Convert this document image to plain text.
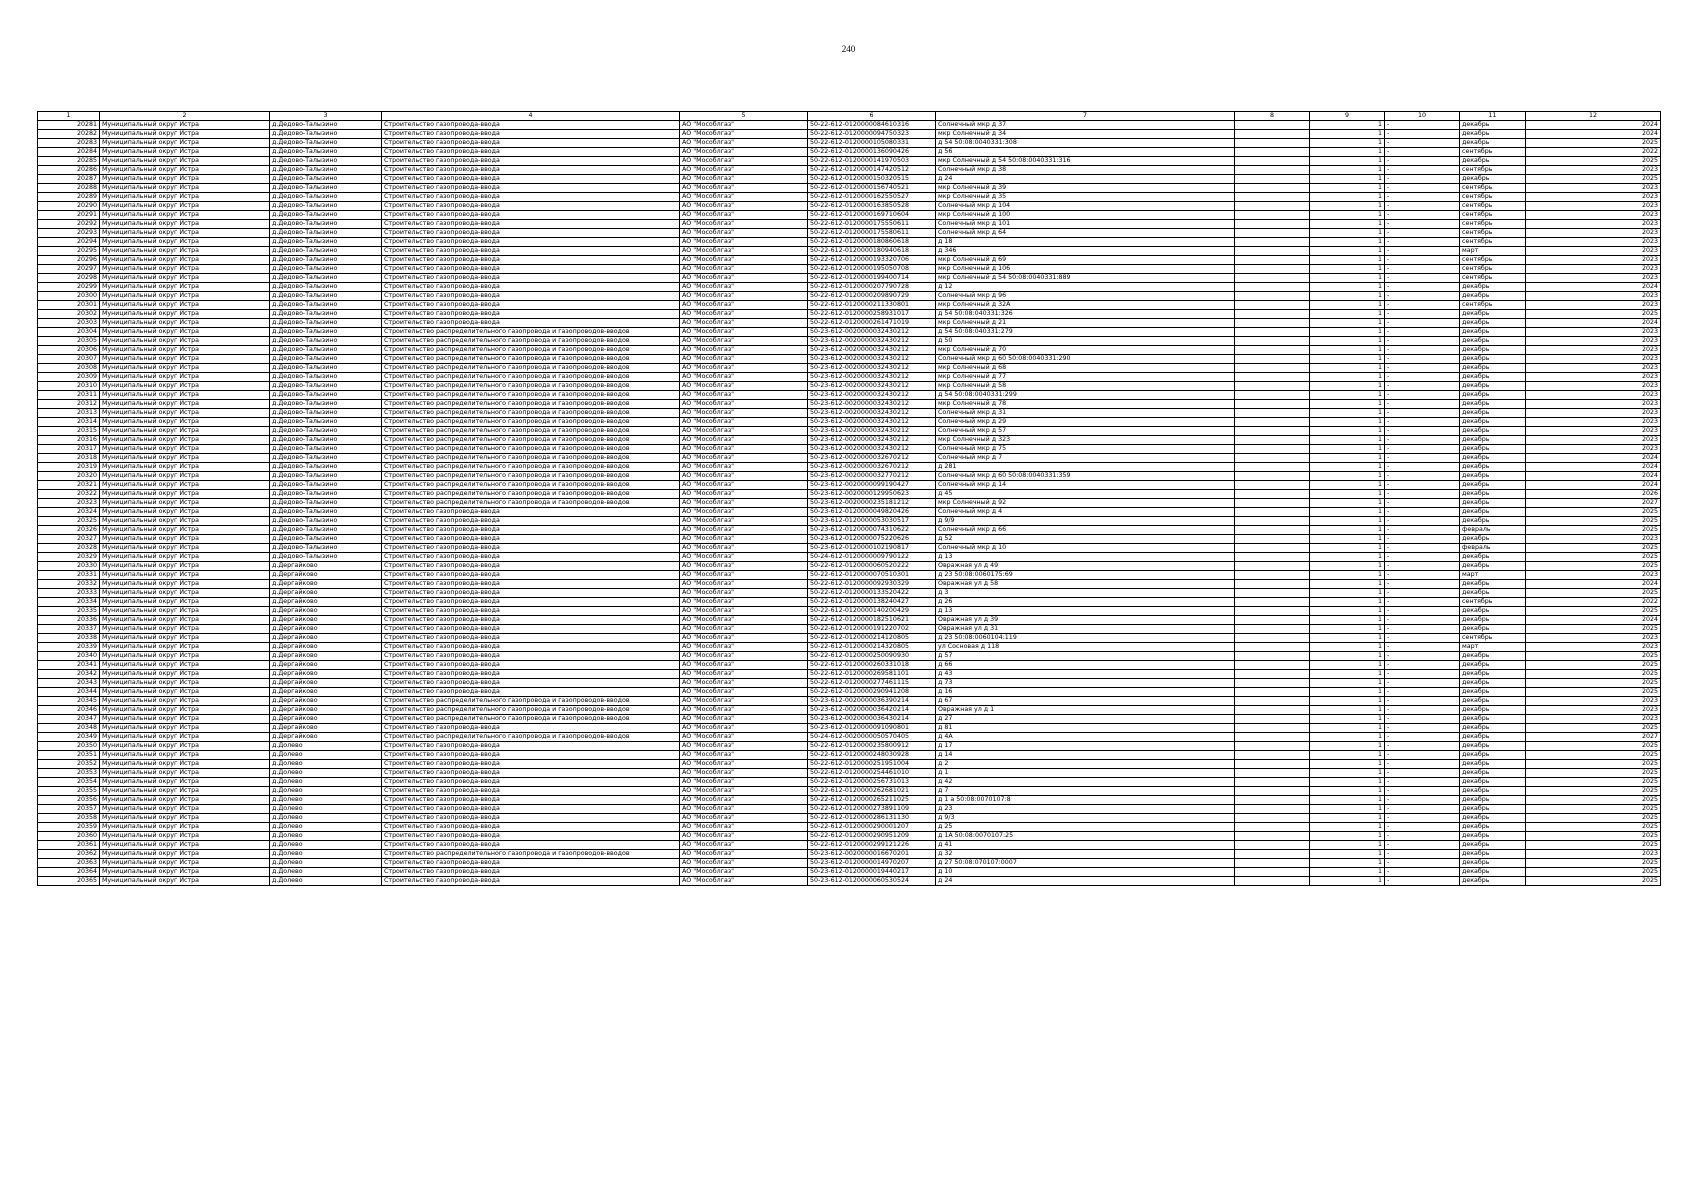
240
1	2	3	4	5	6	7	8	9	10	11	12
20281	Муниципальный округ Истра	д.Дедово-Талызино	Строительство газопровода-ввода	АО "Мособлгаз"	50-22-612-0120000084610316	Солнечный мкр д 37		1	-	декабрь	2024
20282	Муниципальный округ Истра	д.Дедово-Талызино	Строительство газопровода-ввода	АО "Мособлгаз"	50-22-612-0120000094750323	мкр Солнечный д 34		1	-	декабрь	2024
20283	Муниципальный округ Истра	д.Дедово-Талызино	Строительство газопровода-ввода	АО "Мособлгаз"	50-22-612-0120000105080331	д 54 50:08:0040331:308		1	-	декабрь	2025
20284	Муниципальный округ Истра	д.Дедово-Талызино	Строительство газопровода-ввода	АО "Мособлгаз"	50-22-612-0120000136090426	д 56		1	-	сентябрь	2022
20285	Муниципальный округ Истра	д.Дедово-Талызино	Строительство газопровода-ввода	АО "Мособлгаз"	50-22-612-0120000141970503	мкр Солнечный д 54 50:08:0040331:316		1	-	декабрь	2025
20286	Муниципальный округ Истра	д.Дедово-Талызино	Строительство газопровода-ввода	АО "Мособлгаз"	50-22-612-0120000147420512	Солнечный мкр д 38		1	-	сентябрь	2023
20287	Муниципальный округ Истра	д.Дедово-Талызино	Строительство газопровода-ввода	АО "Мособлгаз"	50-22-612-0120000150320515	д 24		1	-	декабрь	2025
20288	Муниципальный округ Истра	д.Дедово-Талызино	Строительство газопровода-ввода	АО "Мособлгаз"	50-22-612-0120000156740521	мкр Солнечный д 39		1	-	сентябрь	2023
20289	Муниципальный округ Истра	д.Дедово-Талызино	Строительство газопровода-ввода	АО "Мособлгаз"	50-22-612-0120000162550527	мкр Солнечный д 35		1	-	сентябрь	2023
20290	Муниципальный округ Истра	д.Дедово-Талызино	Строительство газопровода-ввода	АО "Мособлгаз"	50-22-612-0120000163850528	Солнечный мкр д 104		1	-	сентябрь	2023
20291	Муниципальный округ Истра	д.Дедово-Талызино	Строительство газопровода-ввода	АО "Мособлгаз"	50-22-612-0120000169710604	мкр Солнечный д 100		1	-	сентябрь	2023
20292	Муниципальный округ Истра	д.Дедово-Талызино	Строительство газопровода-ввода	АО "Мособлгаз"	50-22-612-0120000175550611	Солнечный мкр д 101		1	-	сентябрь	2023
20293	Муниципальный округ Истра	д.Дедово-Талызино	Строительство газопровода-ввода	АО "Мособлгаз"	50-22-612-0120000175580611	Солнечный мкр д 64		1	-	сентябрь	2023
20294	Муниципальный округ Истра	д.Дедово-Талызино	Строительство газопровода-ввода	АО "Мособлгаз"	50-22-612-0120000180860618	д 18		1	-	сентябрь	2023
20295	Муниципальный округ Истра	д.Дедово-Талызино	Строительство газопровода-ввода	АО "Мособлгаз"	50-22-612-0120000180940618	д 346		1	-	март	2023
20296	Муниципальный округ Истра	д.Дедово-Талызино	Строительство газопровода-ввода	АО "Мособлгаз"	50-22-612-0120000193320706	мкр Солнечный д 69		1	-	сентябрь	2023
20297	Муниципальный округ Истра	д.Дедово-Талызино	Строительство газопровода-ввода	АО "Мособлгаз"	50-22-612-0120000195050708	мкр Солнечный д 106		1	-	сентябрь	2023
20298	Муниципальный округ Истра	д.Дедово-Талызино	Строительство газопровода-ввода	АО "Мособлгаз"	50-22-612-0120000199400714	мкр Солнечный д 54 50:08:0040331:889		1	-	сентябрь	2023
20299	Муниципальный округ Истра	д.Дедово-Талызино	Строительство газопровода-ввода	АО "Мособлгаз"	50-22-612-0120000207790728	д 12		1	-	декабрь	2024
20300	Муниципальный округ Истра	д.Дедово-Талызино	Строительство газопровода-ввода	АО "Мособлгаз"	50-22-612-0120000209890729	Солнечный мкр д 96		1	-	декабрь	2023
20301	Муниципальный округ Истра	д.Дедово-Талызино	Строительство газопровода-ввода	АО "Мособлгаз"	50-22-612-0120000211330801	мкр Солнечный д 32А		1	-	сентябрь	2023
20302	Муниципальный округ Истра	д.Дедово-Талызино	Строительство газопровода-ввода	АО "Мособлгаз"	50-22-612-0120000258931017	д 54 50:08:040331:326		1	-	декабрь	2025
20303	Муниципальный округ Истра	д.Дедово-Талызино	Строительство газопровода-ввода	АО "Мособлгаз"	50-22-612-0120000261471019	мкр Солнечный д 21		1	-	декабрь	2024
20304	Муниципальный округ Истра	д.Дедово-Талызино	Строительство распределительного газопровода и газопроводов-вводов	АО "Мособлгаз"	50-23-612-0020000032430212	д 54 50:08:040331:279		1	-	декабрь	2023
20305	Муниципальный округ Истра	д.Дедово-Талызино	Строительство распределительного газопровода и газопроводов-вводов	АО "Мособлгаз"	50-23-612-0020000032430212	д 50		1	-	декабрь	2023
20306	Муниципальный округ Истра	д.Дедово-Талызино	Строительство распределительного газопровода и газопроводов-вводов	АО "Мособлгаз"	50-23-612-0020000032430212	мкр Солнечный д 70		1	-	декабрь	2023
20307	Муниципальный округ Истра	д.Дедово-Талызино	Строительство распределительного газопровода и газопроводов-вводов	АО "Мособлгаз"	50-23-612-0020000032430212	Солнечный мкр д 60 50:08:0040331:290		1	-	декабрь	2023
20308	Муниципальный округ Истра	д.Дедово-Талызино	Строительство распределительного газопровода и газопроводов-вводов	АО "Мособлгаз"	50-23-612-0020000032430212	мкр Солнечный д 68		1	-	декабрь	2023
20309	Муниципальный округ Истра	д.Дедово-Талызино	Строительство распределительного газопровода и газопроводов-вводов	АО "Мособлгаз"	50-23-612-0020000032430212	мкр Солнечный д 77		1	-	декабрь	2023
20310	Муниципальный округ Истра	д.Дедово-Талызино	Строительство распределительного газопровода и газопроводов-вводов	АО "Мособлгаз"	50-23-612-0020000032430212	мкр Солнечный д 58		1	-	декабрь	2023
20311	Муниципальный округ Истра	д.Дедово-Талызино	Строительство распределительного газопровода и газопроводов-вводов	АО "Мособлгаз"	50-23-612-0020000032430212	д 54 50:08:0040331:299		1	-	декабрь	2023
20312	Муниципальный округ Истра	д.Дедово-Талызино	Строительство распределительного газопровода и газопроводов-вводов	АО "Мособлгаз"	50-23-612-0020000032430212	мкр Солнечный д 78		1	-	декабрь	2023
20313	Муниципальный округ Истра	д.Дедово-Талызино	Строительство распределительного газопровода и газопроводов-вводов	АО "Мособлгаз"	50-23-612-0020000032430212	Солнечный мкр д 31		1	-	декабрь	2023
20314	Муниципальный округ Истра	д.Дедово-Талызино	Строительство распределительного газопровода и газопроводов-вводов	АО "Мособлгаз"	50-23-612-0020000032430212	Солнечный мкр д 29		1	-	декабрь	2023
20315	Муниципальный округ Истра	д.Дедово-Талызино	Строительство распределительного газопровода и газопроводов-вводов	АО "Мособлгаз"	50-23-612-0020000032430212	Солнечный мкр д 57		1	-	декабрь	2023
20316	Муниципальный округ Истра	д.Дедово-Талызино	Строительство распределительного газопровода и газопроводов-вводов	АО "Мособлгаз"	50-23-612-0020000032430212	мкр Солнечный д 323		1	-	декабрь	2023
20317	Муниципальный округ Истра	д.Дедово-Талызино	Строительство распределительного газопровода и газопроводов-вводов	АО "Мособлгаз"	50-23-612-0020000032430212	Солнечный мкр д 75		1	-	декабрь	2023
20318	Муниципальный округ Истра	д.Дедово-Талызино	Строительство распределительного газопровода и газопроводов-вводов	АО "Мособлгаз"	50-23-612-0020000032670212	Солнечный мкр д 7		1	-	декабрь	2024
20319	Муниципальный округ Истра	д.Дедово-Талызино	Строительство распределительного газопровода и газопроводов-вводов	АО "Мособлгаз"	50-23-612-0020000032670212	д 281		1	-	декабрь	2024
20320	Муниципальный округ Истра	д.Дедово-Талызино	Строительство распределительного газопровода и газопроводов-вводов	АО "Мособлгаз"	50-23-612-0020000032770212	Солнечный мкр д 60 50:08:0040331:359		1	-	декабрь	2024
20321	Муниципальный округ Истра	д.Дедово-Талызино	Строительство распределительного газопровода и газопроводов-вводов	АО "Мособлгаз"	50-23-612-0020000099190427	Солнечный мкр д 14		1	-	декабрь	2024
20322	Муниципальный округ Истра	д.Дедово-Талызино	Строительство распределительного газопровода и газопроводов-вводов	АО "Мособлгаз"	50-23-612-0020000129950623	д 45		1	-	декабрь	2026
20323	Муниципальный округ Истра	д.Дедово-Талызино	Строительство распределительного газопровода и газопроводов-вводов	АО "Мособлгаз"	50-23-612-0020000235181212	мкр Солнечный д 92		1	-	декабрь	2027
20324	Муниципальный округ Истра	д.Дедово-Талызино	Строительство газопровода-ввода	АО "Мособлгаз"	50-23-612-0120000049820426	Солнечный мкр д 4		1	-	декабрь	2025
20325	Муниципальный округ Истра	д.Дедово-Талызино	Строительство газопровода-ввода	АО "Мособлгаз"	50-23-612-0120000053030517	д 9/9		1	-	декабрь	2025
20326	Муниципальный округ Истра	д.Дедово-Талызино	Строительство газопровода-ввода	АО "Мособлгаз"	50-23-612-0120000074310622	Солнечный мкр д 66		1	-	февраль	2025
20327	Муниципальный округ Истра	д.Дедово-Талызино	Строительство газопровода-ввода	АО "Мособлгаз"	50-23-612-0120000075220626	д 52		1	-	декабрь	2023
20328	Муниципальный округ Истра	д.Дедово-Талызино	Строительство газопровода-ввода	АО "Мособлгаз"	50-23-612-0120000102190817	Солнечный мкр д 10		1	-	февраль	2025
20329	Муниципальный округ Истра	д.Дедово-Талызино	Строительство газопровода-ввода	АО "Мособлгаз"	50-24-612-0120000009790122	д 13		1	-	декабрь	2025
20330	Муниципальный округ Истра	д.Дергайково	Строительство газопровода-ввода	АО "Мособлгаз"	50-22-612-0120000060520222	Овражная ул д 49		1	-	декабрь	2025
20331	Муниципальный округ Истра	д.Дергайково	Строительство газопровода-ввода	АО "Мособлгаз"	50-22-612-0120000070510301	д 23 50:08:0060175:69		1	-	март	2023
20332	Муниципальный округ Истра	д.Дергайково	Строительство газопровода-ввода	АО "Мособлгаз"	50-22-612-0120000092930329	Овражная ул д 58		1	-	декабрь	2024
20333	Муниципальный округ Истра	д.Дергайково	Строительство газопровода-ввода	АО "Мособлгаз"	50-22-612-0120000133520422	д 3		1	-	декабрь	2025
20334	Муниципальный округ Истра	д.Дергайково	Строительство газопровода-ввода	АО "Мособлгаз"	50-22-612-0120000138240427	д 26		1	-	сентябрь	2022
20335	Муниципальный округ Истра	д.Дергайково	Строительство газопровода-ввода	АО "Мособлгаз"	50-22-612-0120000140200429	д 13		1	-	декабрь	2025
20336	Муниципальный округ Истра	д.Дергайково	Строительство газопровода-ввода	АО "Мособлгаз"	50-22-612-0120000182510621	Овражная ул д 39		1	-	декабрь	2024
20337	Муниципальный округ Истра	д.Дергайково	Строительство газопровода-ввода	АО "Мособлгаз"	50-22-612-0120000191220702	Овражная ул д 31		1	-	декабрь	2025
20338	Муниципальный округ Истра	д.Дергайково	Строительство газопровода-ввода	АО "Мособлгаз"	50-22-612-0120000214120805	д 23 50:08:0060104:119		1	-	сентябрь	2023
20339	Муниципальный округ Истра	д.Дергайково	Строительство газопровода-ввода	АО "Мособлгаз"	50-22-612-0120000214320805	ул Сосновая д 118		1	-	март	2023
20340	Муниципальный округ Истра	д.Дергайково	Строительство газопровода-ввода	АО "Мособлгаз"	50-22-612-0120000250090930	д 57		1	-	декабрь	2025
20341	Муниципальный округ Истра	д.Дергайково	Строительство газопровода-ввода	АО "Мособлгаз"	50-22-612-0120000260331018	д 66		1	-	декабрь	2025
20342	Муниципальный округ Истра	д.Дергайково	Строительство газопровода-ввода	АО "Мособлгаз"	50-22-612-0120000269581101	д 43		1	-	декабрь	2025
20343	Муниципальный округ Истра	д.Дергайково	Строительство газопровода-ввода	АО "Мособлгаз"	50-22-612-0120000277461115	д 73		1	-	декабрь	2025
20344	Муниципальный округ Истра	д.Дергайково	Строительство газопровода-ввода	АО "Мособлгаз"	50-22-612-0120000290941208	д 16		1	-	декабрь	2025
20345	Муниципальный округ Истра	д.Дергайково	Строительство распределительного газопровода и газопроводов-вводов	АО "Мособлгаз"	50-23-612-0020000036390214	д 67		1	-	декабрь	2023
20346	Муниципальный округ Истра	д.Дергайково	Строительство распределительного газопровода и газопроводов-вводов	АО "Мособлгаз"	50-23-612-0020000036420214	Овражная ул д 1		1	-	декабрь	2023
20347	Муниципальный округ Истра	д.Дергайково	Строительство распределительного газопровода и газопроводов-вводов	АО "Мособлгаз"	50-23-612-0020000036430214	д 27		1	-	декабрь	2023
20348	Муниципальный округ Истра	д.Дергайково	Строительство газопровода-ввода	АО "Мособлгаз"	50-23-612-0120000091090801	д 81		1	-	декабрь	2025
20349	Муниципальный округ Истра	д.Дергайково	Строительство распределительного газопровода и газопроводов-вводов	АО "Мособлгаз"	50-24-612-0020000050570405	д 4А		1	-	декабрь	2027
20350	Муниципальный округ Истра	д.Долево	Строительство газопровода-ввода	АО "Мособлгаз"	50-22-612-0120000235800912	д 17		1	-	декабрь	2025
20351	Муниципальный округ Истра	д.Долево	Строительство газопровода-ввода	АО "Мособлгаз"	50-22-612-0120000248030928	д 14		1	-	декабрь	2025
20352	Муниципальный округ Истра	д.Долево	Строительство газопровода-ввода	АО "Мособлгаз"	50-22-612-0120000251951004	д 2		1	-	декабрь	2025
20353	Муниципальный округ Истра	д.Долево	Строительство газопровода-ввода	АО "Мособлгаз"	50-22-612-0120000254461010	д 1		1	-	декабрь	2025
20354	Муниципальный округ Истра	д.Долево	Строительство газопровода-ввода	АО "Мособлгаз"	50-22-612-0120000256731013	д 42		1	-	декабрь	2025
20355	Муниципальный округ Истра	д.Долево	Строительство газопровода-ввода	АО "Мособлгаз"	50-22-612-0120000262681021	д 7		1	-	декабрь	2025
20356	Муниципальный округ Истра	д.Долево	Строительство газопровода-ввода	АО "Мособлгаз"	50-22-612-0120000265211025	д 1 а 50:08:0070107:8		1	-	декабрь	2025
20357	Муниципальный округ Истра	д.Долево	Строительство газопровода-ввода	АО "Мособлгаз"	50-22-612-0120000273891109	д 23		1	-	декабрь	2025
20358	Муниципальный округ Истра	д.Долево	Строительство газопровода-ввода	АО "Мособлгаз"	50-22-612-0120000286131130	д 9/3		1	-	декабрь	2025
20359	Муниципальный округ Истра	д.Долево	Строительство газопровода-ввода	АО "Мособлгаз"	50-22-612-0120000290001207	д 25		1	-	декабрь	2025
20360	Муниципальный округ Истра	д.Долево	Строительство газопровода-ввода	АО "Мособлгаз"	50-22-612-0120000290951209	д 1А 50:08:0070107:25		1	-	декабрь	2025
20361	Муниципальный округ Истра	д.Долево	Строительство газопровода-ввода	АО "Мособлгаз"	50-22-612-0120000299121226	д 41		1	-	декабрь	2025
20362	Муниципальный округ Истра	д.Долево	Строительство распределительного газопровода и газопроводов-вводов	АО "Мособлгаз"	50-23-612-0020000016670201	д 32		1	-	декабрь	2023
20363	Муниципальный округ Истра	д.Долево	Строительство газопровода-ввода	АО "Мособлгаз"	50-23-612-0120000014970207	д 27 50:08:070107:0007		1	-	декабрь	2025
20364	Муниципальный округ Истра	д.Долево	Строительство газопровода-ввода	АО "Мособлгаз"	50-23-612-0120000019440217	д 10		1	-	декабрь	2025
20365	Муниципальный округ Истра	д.Долево	Строительство газопровода-ввода	АО "Мособлгаз"	50-23-612-0120000060530524	д 24		1	-	декабрь	2025
